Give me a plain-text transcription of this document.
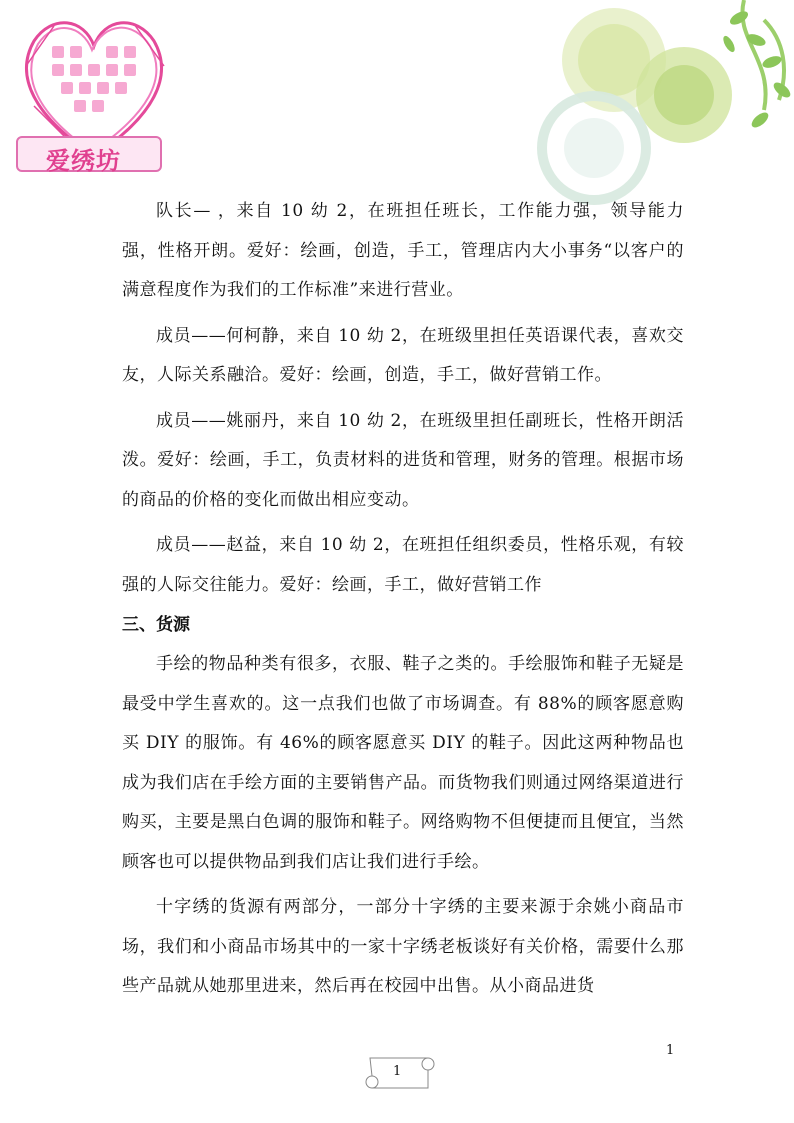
爱绣坊

队长— ，来自 10 幼 2，在班担任班长，工作能力强，领导能力强，性格开朗。爱好：绘画，创造，手工，管理店内大小事务“以客户的满意程度作为我们的工作标准”来进行营业。

成员——何柯静，来自 10 幼 2，在班级里担任英语课代表，喜欢交友，人际关系融洽。爱好：绘画，创造，手工，做好营销工作。

成员——姚丽丹，来自 10 幼 2，在班级里担任副班长，性格开朗活泼。爱好：绘画，手工，负责材料的进货和管理，财务的管理。根据市场的商品的价格的变化而做出相应变动。

成员——赵益，来自 10 幼 2，在班担任组织委员，性格乐观，有较强的人际交往能力。爱好：绘画，手工，做好营销工作

三、货源

手绘的物品种类有很多，衣服、鞋子之类的。手绘服饰和鞋子无疑是最受中学生喜欢的。这一点我们也做了市场调查。有 88%的顾客愿意购买 DIY 的服饰。有 46%的顾客愿意买 DIY 的鞋子。因此这两种物品也成为我们店在手绘方面的主要销售产品。而货物我们则通过网络渠道进行购买，主要是黑白色调的服饰和鞋子。网络购物不但便捷而且便宜，当然顾客也可以提供物品到我们店让我们进行手绘。

十字绣的货源有两部分，一部分十字绣的主要来源于余姚小商品市场，我们和小商品市场其中的一家十字绣老板谈好有关价格，需要什么那些产品就从她那里进来，然后再在校园中出售。从小商品进货

1
1
